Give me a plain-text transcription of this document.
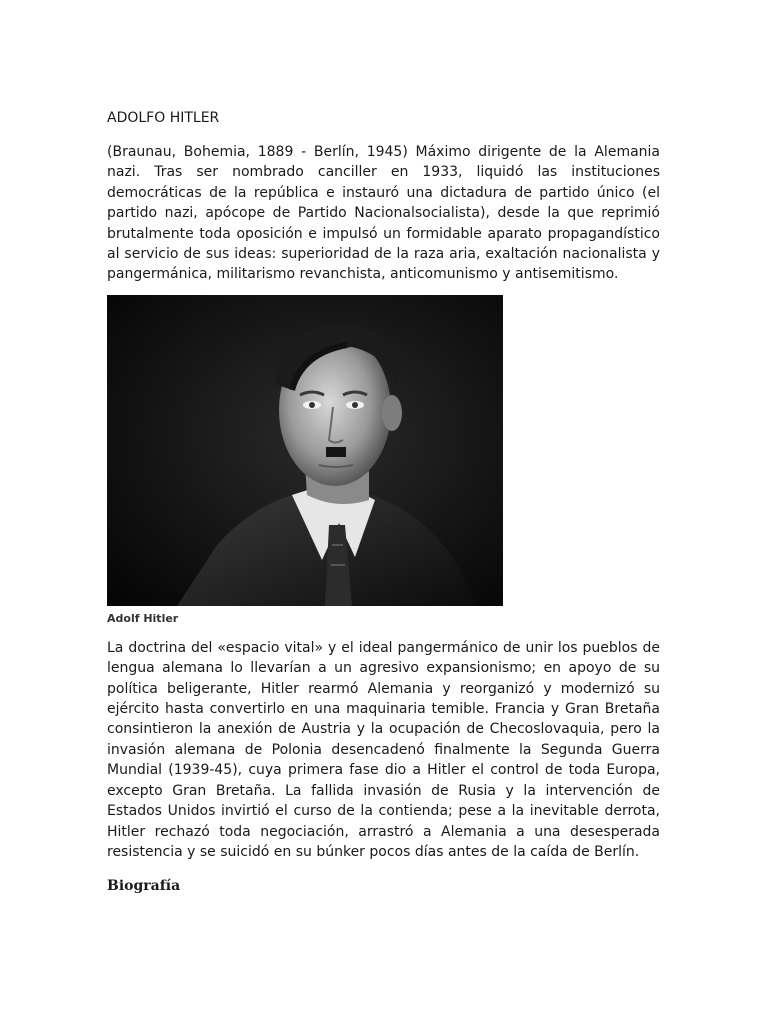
ADOLFO HITLER

(Braunau, Bohemia, 1889 - Berlín, 1945) Máximo dirigente de la Alemania nazi. Tras ser nombrado canciller en 1933, liquidó las instituciones democráticas de la república e instauró una dictadura de partido único (el partido nazi, apócope de Partido Nacionalsocialista), desde la que reprimió brutalmente toda oposición e impulsó un formidable aparato propagandístico al servicio de sus ideas: superioridad de la raza aria, exaltación nacionalista y pangermánica, militarismo revanchista, anticomunismo y antisemitismo.

Adolf Hitler

La doctrina del «espacio vital» y el ideal pangermánico de unir los pueblos de lengua alemana lo llevarían a un agresivo expansionismo; en apoyo de su política beligerante, Hitler rearmó Alemania y reorganizó y modernizó su ejército hasta convertirlo en una maquinaria temible. Francia y Gran Bretaña consintieron la anexión de Austria y la ocupación de Checoslovaquia, pero la invasión alemana de Polonia desencadenó finalmente la Segunda Guerra Mundial (1939-45), cuya primera fase dio a Hitler el control de toda Europa, excepto Gran Bretaña. La fallida invasión de Rusia y la intervención de Estados Unidos invirtió el curso de la contienda; pese a la inevitable derrota, Hitler rechazó toda negociación, arrastró a Alemania a una desesperada resistencia y se suicidó en su búnker pocos días antes de la caída de Berlín.

Biografía
